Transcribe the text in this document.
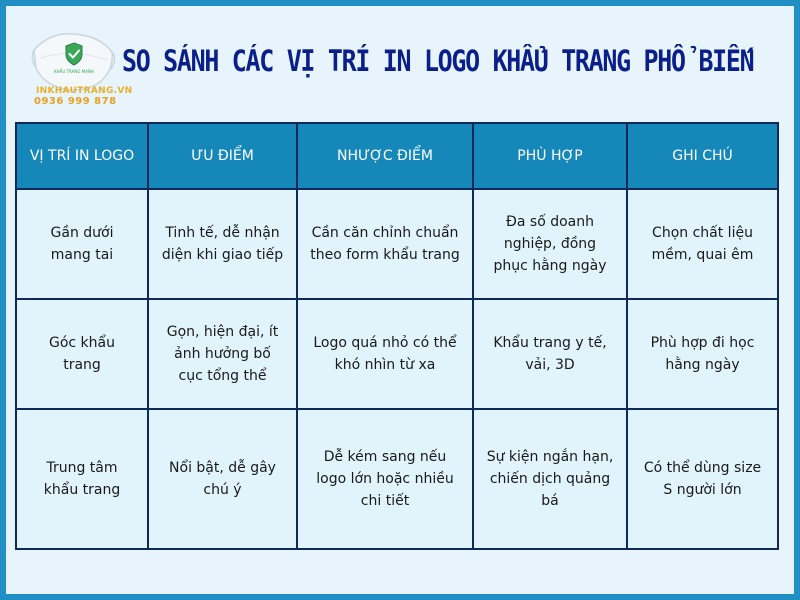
KHẨU TRANG MẠNH
INKHAUTRANG.VN
0936 999 878
SO SÁNH CÁC VỊ TRÍ IN LOGO KHẨU TRANG PHỔ BIẾN
VỊ TRÍ IN LOGO	ƯU ĐIỂM	NHƯỢC ĐIỂM	PHÙ HỢP	GHI CHÚ
Gần dưới mang tai	Tinh tế, dễ nhận diện khi giao tiếp	Cần căn chỉnh chuẩn theo form khẩu trang	Đa số doanh nghiệp, đồng phục hằng ngày	Chọn chất liệu mềm, quai êm
Góc khẩu trang	Gọn, hiện đại, ít ảnh hưởng bố cục tổng thể	Logo quá nhỏ có thể khó nhìn từ xa	Khẩu trang y tế, vải, 3D	Phù hợp đi học hằng ngày
Trung tâm khẩu trang	Nổi bật, dễ gây chú ý	Dễ kém sang nếu logo lớn hoặc nhiều chi tiết	Sự kiện ngắn hạn, chiến dịch quảng bá	Có thể dùng size S người lớn
